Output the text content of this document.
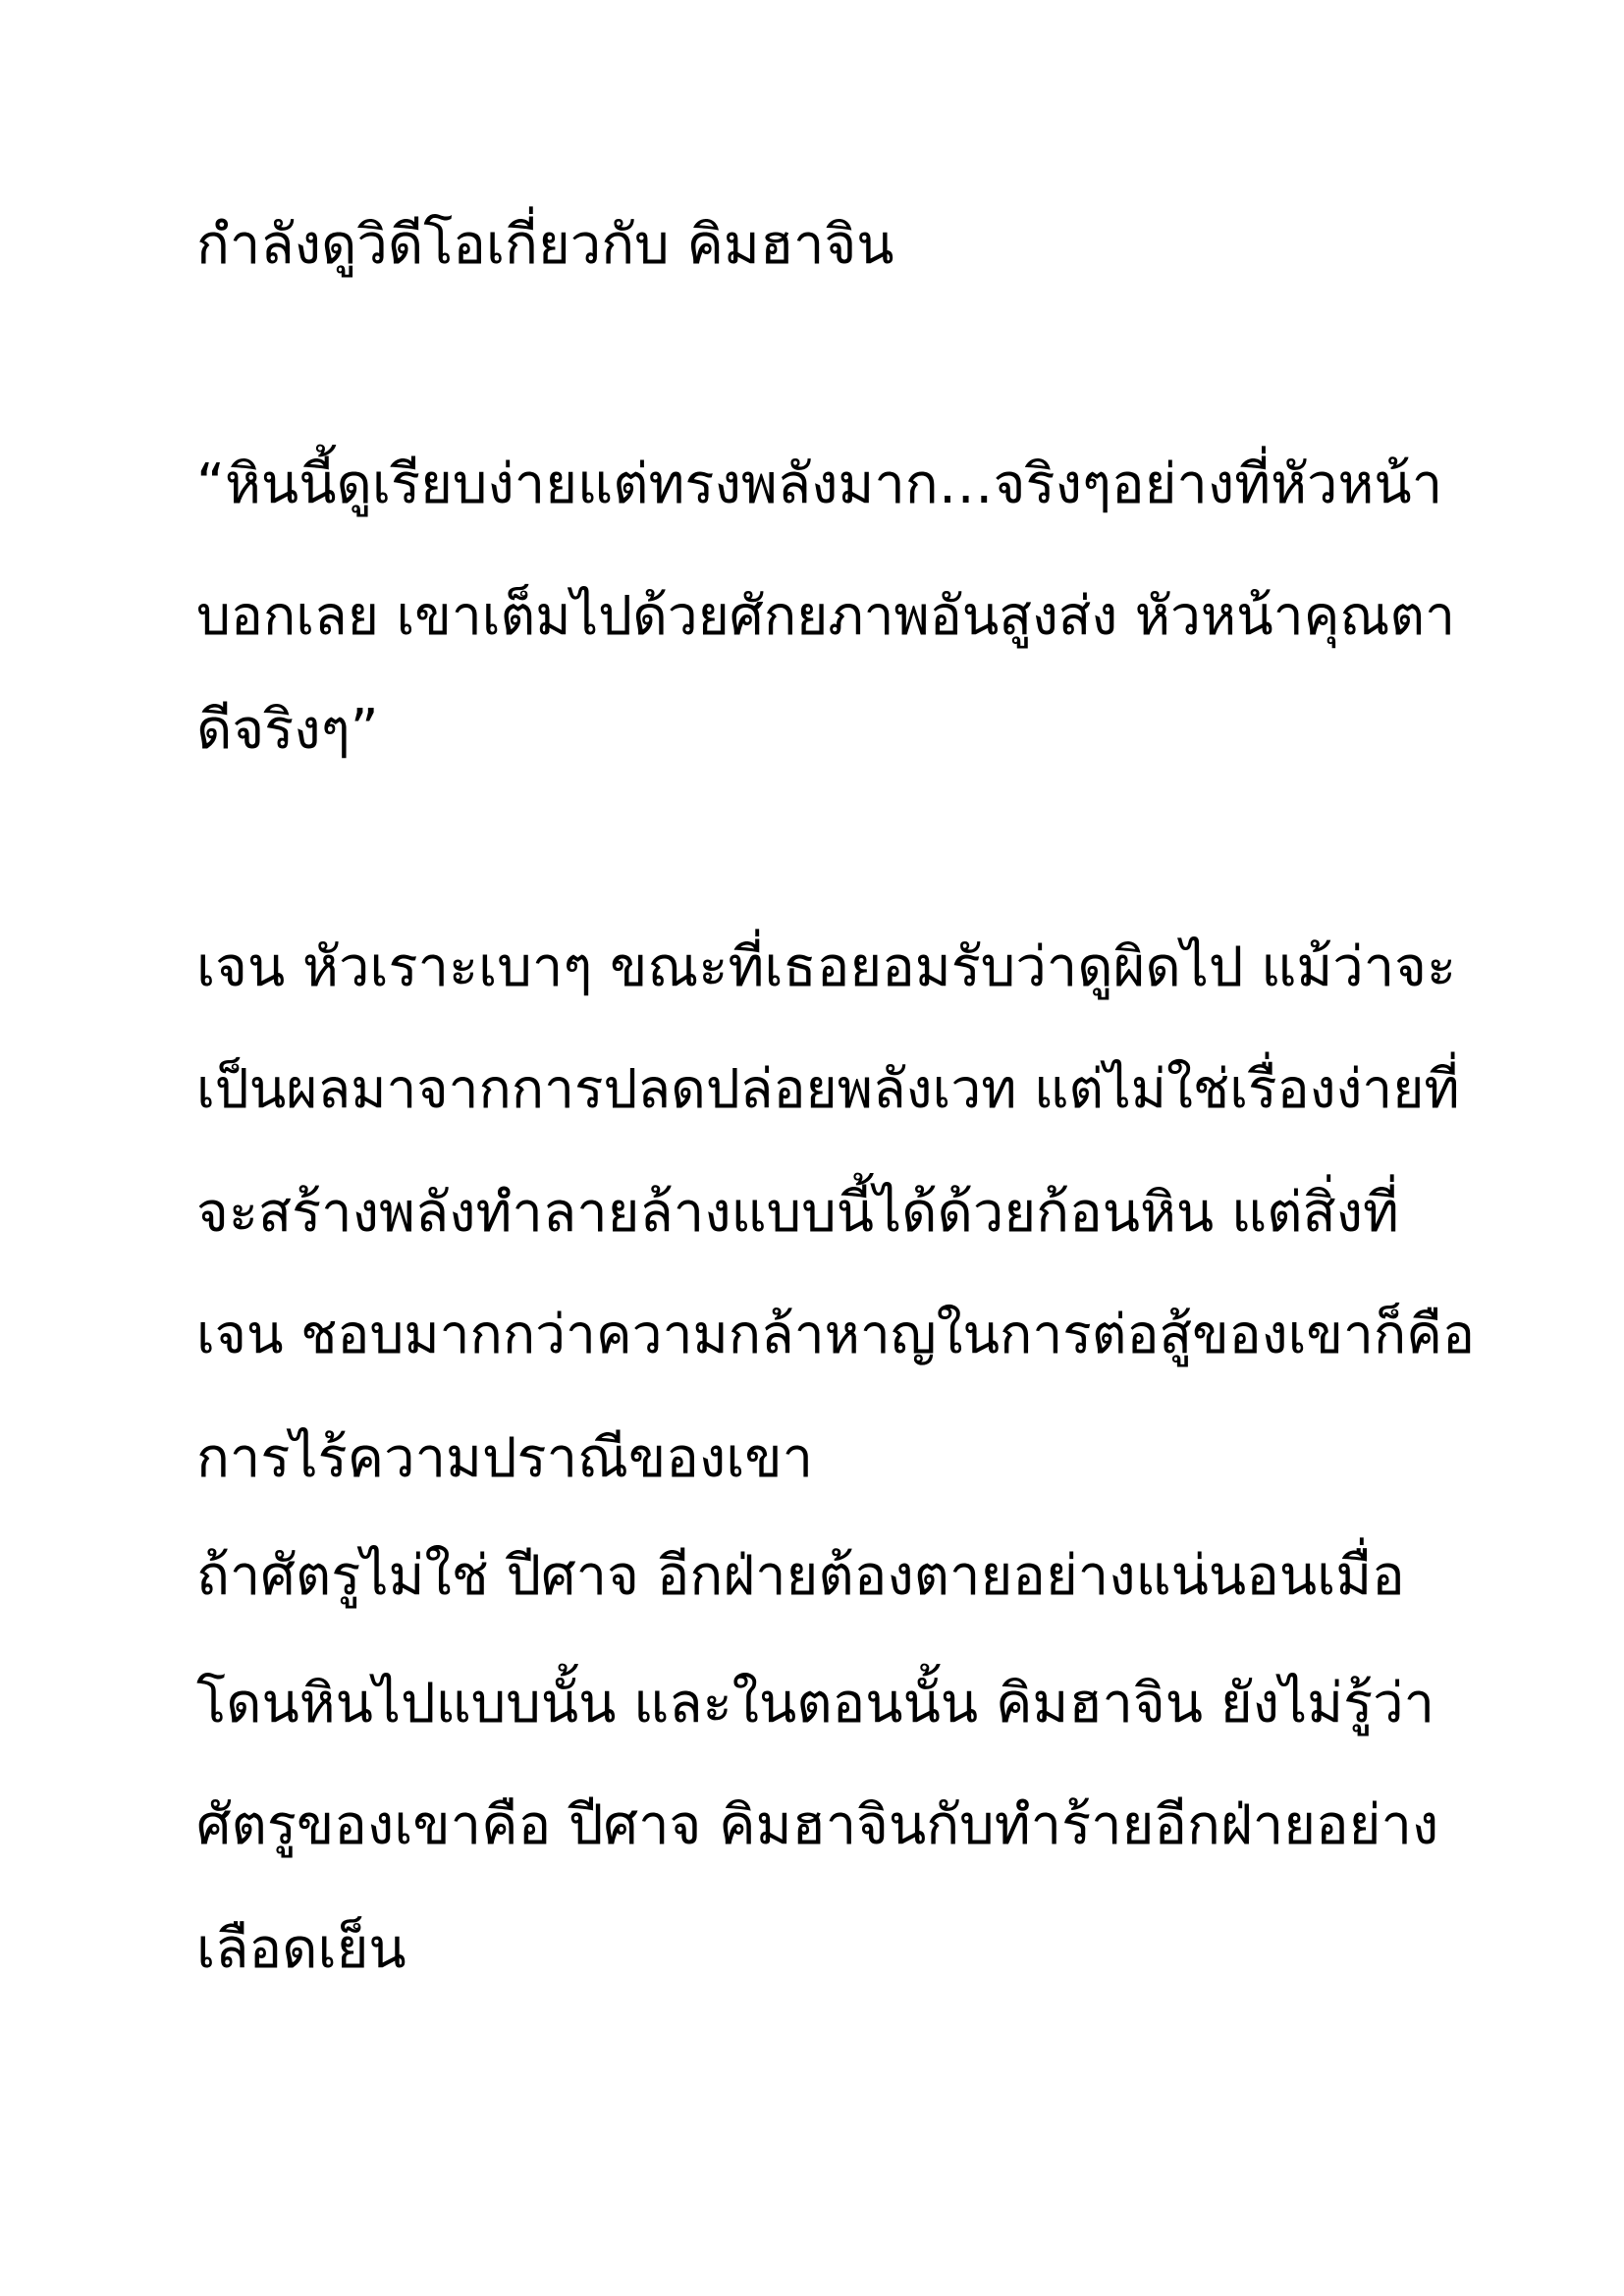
กำลังดูวิดีโอเกี่ยวกับ คิมฮาจิน
“หินนี้ดูเรียบง่ายแต่ทรงพลังมาก…จริงๆอย่างที่หัวหน้า
บอกเลย เขาเต็มไปด้วยศักยภาพอันสูงส่ง หัวหน้าคุณตา
ดีจริงๆ”
เจน หัวเราะเบาๆ ขณะที่เธอยอมรับว่าดูผิดไป แม้ว่าจะ
เป็นผลมาจากการปลดปล่อยพลังเวท แต่ไม่ใช่เรื่องง่ายที่
จะสร้างพลังทำลายล้างแบบนี้ได้ด้วยก้อนหิน แต่สิ่งที่
เจน ชอบมากกว่าความกล้าหาญในการต่อสู้ของเขาก็คือ
การไร้ความปราณีของเขา
ถ้าศัตรูไม่ใช่ ปีศาจ อีกฝ่ายต้องตายอย่างแน่นอนเมื่อ
โดนหินไปแบบนั้น และในตอนนั้น คิมฮาจิน ยังไม่รู้ว่า
ศัตรูของเขาคือ ปีศาจ คิมฮาจินกับทำร้ายอีกฝ่ายอย่าง
เลือดเย็น
